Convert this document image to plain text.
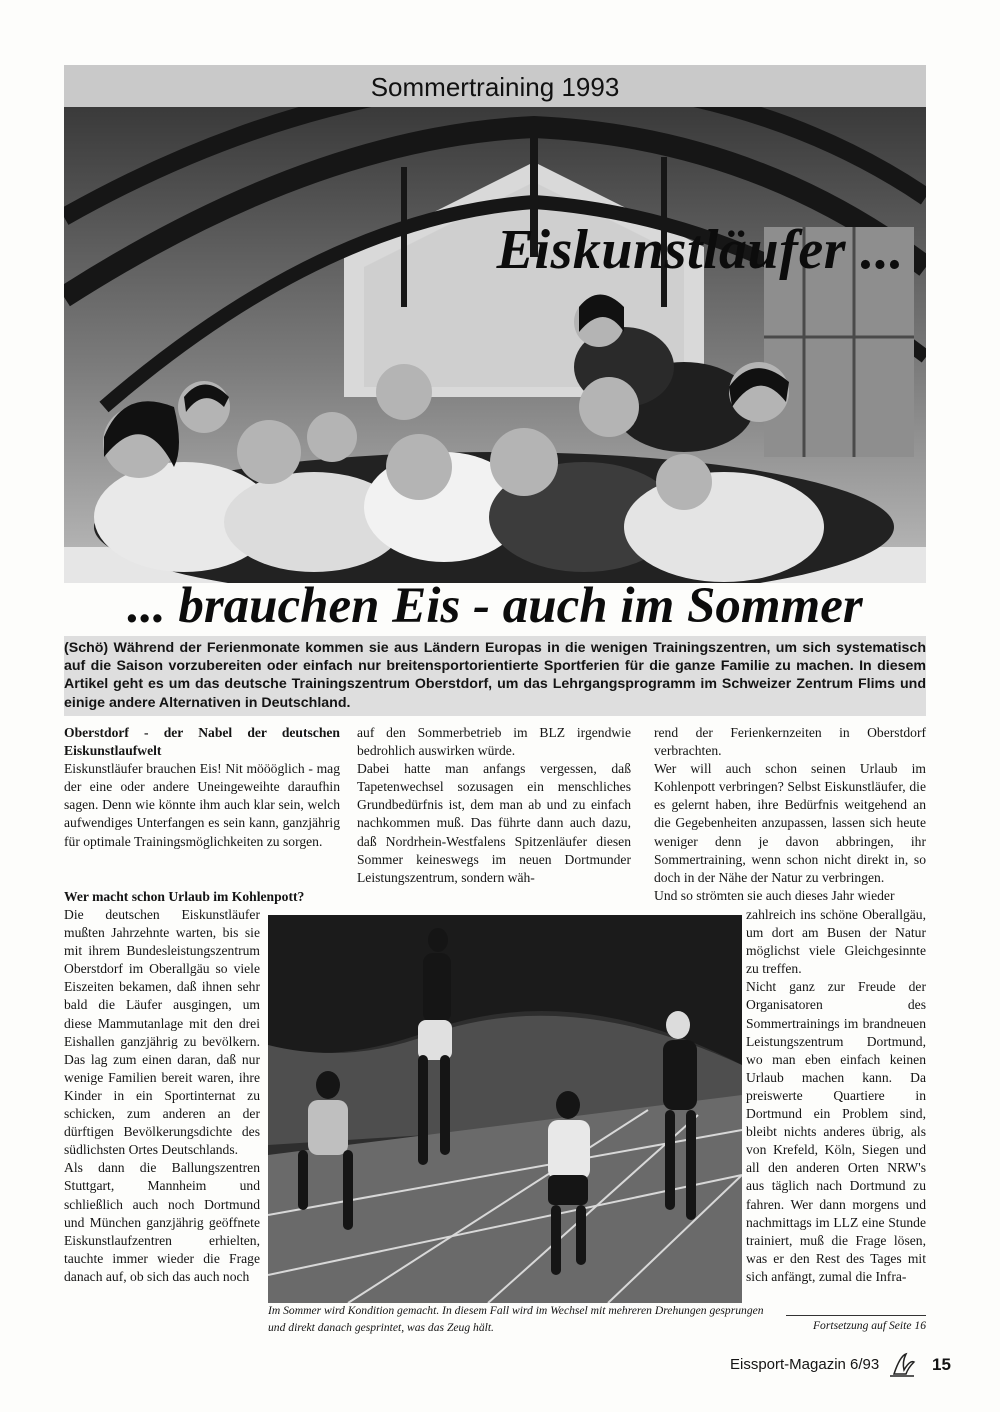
Sommertraining 1993
Eiskunstläufer ...
... brauchen Eis - auch im Sommer
(Schö) Während der Ferienmonate kommen sie aus Ländern Europas in die wenigen Trainingszentren, um sich systematisch auf die Saison vorzubereiten oder einfach nur breitensportorientierte Sportferien für die ganze Familie zu machen. In diesem Artikel geht es um das deutsche Trainingszentrum Oberstdorf, um das Lehrgangsprogramm im Schweizer Zentrum Flims und einige andere Alternativen in Deutschland.

Oberstdorf - der Nabel der deutschen Eiskunstlaufwelt

Eiskunstläufer brauchen Eis! Nit möööglich - mag der eine oder andere Uneingeweihte daraufhin sagen. Denn wie könnte ihm auch klar sein, welch aufwendiges Unterfangen es sein kann, ganzjährig für optimale Trainingsmöglichkeiten zu sorgen.

Wer macht schon Urlaub im Kohlenpott?

Die deutschen Eiskunstläufer mußten Jahrzehnte warten, bis sie mit ihrem Bundesleistungszentrum Oberstdorf im Oberallgäu so viele Eiszeiten bekamen, daß ihnen sehr bald die Läufer ausgingen, um diese Mammutanlage mit den drei Eishallen ganzjährig zu bevölkern. Das lag zum einen daran, daß nur wenige Familien bereit waren, ihre Kinder in ein Sportinternat zu schicken, zum anderen an der dürftigen Bevölkerungsdichte des südlichsten Ortes Deutschlands.

Als dann die Ballungszentren Stuttgart, Mannheim und schließlich auch noch Dortmund und München ganzjährig geöffnete Eiskunstlaufzentren erhielten, tauchte immer wieder die Frage danach auf, ob sich das auch noch

auf den Sommerbetrieb im BLZ irgendwie bedrohlich auswirken würde.

Dabei hatte man anfangs vergessen, daß Tapetenwechsel sozusagen ein menschliches Grundbedürfnis ist, dem man ab und zu einfach nachkommen muß. Das führte dann auch dazu, daß Nordrhein-Westfalens Spitzenläufer diesen Sommer keineswegs im neuen Dortmunder Leistungszentrum, sondern wäh-

rend der Ferienkernzeiten in Oberstdorf verbrachten.

Wer will auch schon seinen Urlaub im Kohlenpott verbringen? Selbst Eiskunstläufer, die es gelernt haben, ihre Bedürfnis weitgehend an die Gegebenheiten anzupassen, lassen sich heute weniger denn je davon abbringen, ihr Sommertraining, wenn schon nicht direkt in, so doch in der Nähe der Natur zu verbringen.

Und so strömten sie auch dieses Jahr wieder

zahlreich ins schöne Oberallgäu, um dort am Busen der Natur möglichst viele Gleichgesinnte zu treffen.

Nicht ganz zur Freude der Organisatoren des Sommertrainings im brandneuen Leistungszentrum Dortmund, wo man eben einfach keinen Urlaub machen kann. Da preiswerte Quartiere in Dortmund ein Problem sind, bleibt nichts anderes übrig, als von Krefeld, Köln, Siegen und all den anderen Orten NRW's aus täglich nach Dortmund zu fahren. Wer dann morgens und nachmittags im LLZ eine Stunde trainiert, muß die Frage lösen, was er den Rest des Tages mit sich anfängt, zumal die Infra-

Im Sommer wird Kondition gemacht. In diesem Fall wird im Wechsel mit mehreren Drehungen gesprungen und direkt danach gesprintet, was das Zeug hält.	Fortsetzung auf Seite 16
Eissport-Magazin 6/93	15
